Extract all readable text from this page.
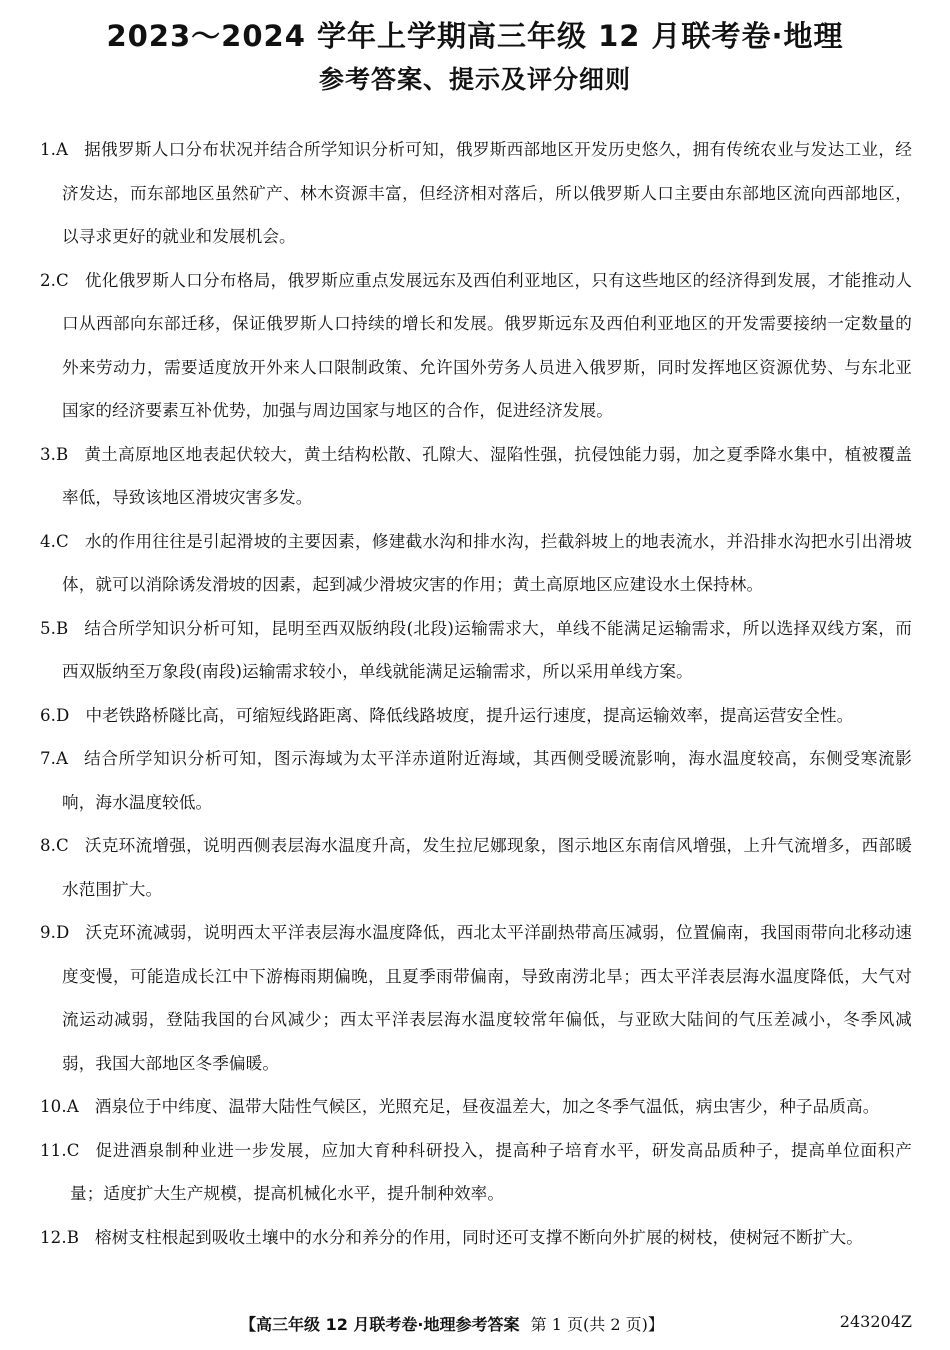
2023～2024 学年上学期高三年级 12 月联考卷·地理
参考答案、提示及评分细则
1.A 据俄罗斯人口分布状况并结合所学知识分析可知，俄罗斯西部地区开发历史悠久，拥有传统农业与发达工业，经济发达，而东部地区虽然矿产、林木资源丰富，但经济相对落后，所以俄罗斯人口主要由东部地区流向西部地区，以寻求更好的就业和发展机会。
2.C 优化俄罗斯人口分布格局，俄罗斯应重点发展远东及西伯利亚地区，只有这些地区的经济得到发展，才能推动人口从西部向东部迁移，保证俄罗斯人口持续的增长和发展。俄罗斯远东及西伯利亚地区的开发需要接纳一定数量的外来劳动力，需要适度放开外来人口限制政策、允许国外劳务人员进入俄罗斯，同时发挥地区资源优势、与东北亚国家的经济要素互补优势，加强与周边国家与地区的合作，促进经济发展。
3.B 黄土高原地区地表起伏较大，黄土结构松散、孔隙大、湿陷性强，抗侵蚀能力弱，加之夏季降水集中，植被覆盖率低，导致该地区滑坡灾害多发。
4.C 水的作用往往是引起滑坡的主要因素，修建截水沟和排水沟，拦截斜坡上的地表流水，并沿排水沟把水引出滑坡体，就可以消除诱发滑坡的因素，起到减少滑坡灾害的作用；黄土高原地区应建设水土保持林。
5.B 结合所学知识分析可知，昆明至西双版纳段(北段)运输需求大，单线不能满足运输需求，所以选择双线方案，而西双版纳至万象段(南段)运输需求较小，单线就能满足运输需求，所以采用单线方案。
6.D 中老铁路桥隧比高，可缩短线路距离、降低线路坡度，提升运行速度，提高运输效率，提高运营安全性。
7.A 结合所学知识分析可知，图示海域为太平洋赤道附近海域，其西侧受暖流影响，海水温度较高，东侧受寒流影响，海水温度较低。
8.C 沃克环流增强，说明西侧表层海水温度升高，发生拉尼娜现象，图示地区东南信风增强，上升气流增多，西部暖水范围扩大。
9.D 沃克环流减弱，说明西太平洋表层海水温度降低，西北太平洋副热带高压减弱，位置偏南，我国雨带向北移动速度变慢，可能造成长江中下游梅雨期偏晚，且夏季雨带偏南，导致南涝北旱；西太平洋表层海水温度降低，大气对流运动减弱，登陆我国的台风减少；西太平洋表层海水温度较常年偏低，与亚欧大陆间的气压差减小，冬季风减弱，我国大部地区冬季偏暖。
10.A 酒泉位于中纬度、温带大陆性气候区，光照充足，昼夜温差大，加之冬季气温低，病虫害少，种子品质高。
11.C 促进酒泉制种业进一步发展，应加大育种科研投入，提高种子培育水平，研发高品质种子，提高单位面积产量；适度扩大生产规模，提高机械化水平，提升制种效率。
12.B 榕树支柱根起到吸收土壤中的水分和养分的作用，同时还可支撑不断向外扩展的树枝，使树冠不断扩大。
【高三年级 12 月联考卷·地理参考答案 第 1 页(共 2 页)】	243204Z
